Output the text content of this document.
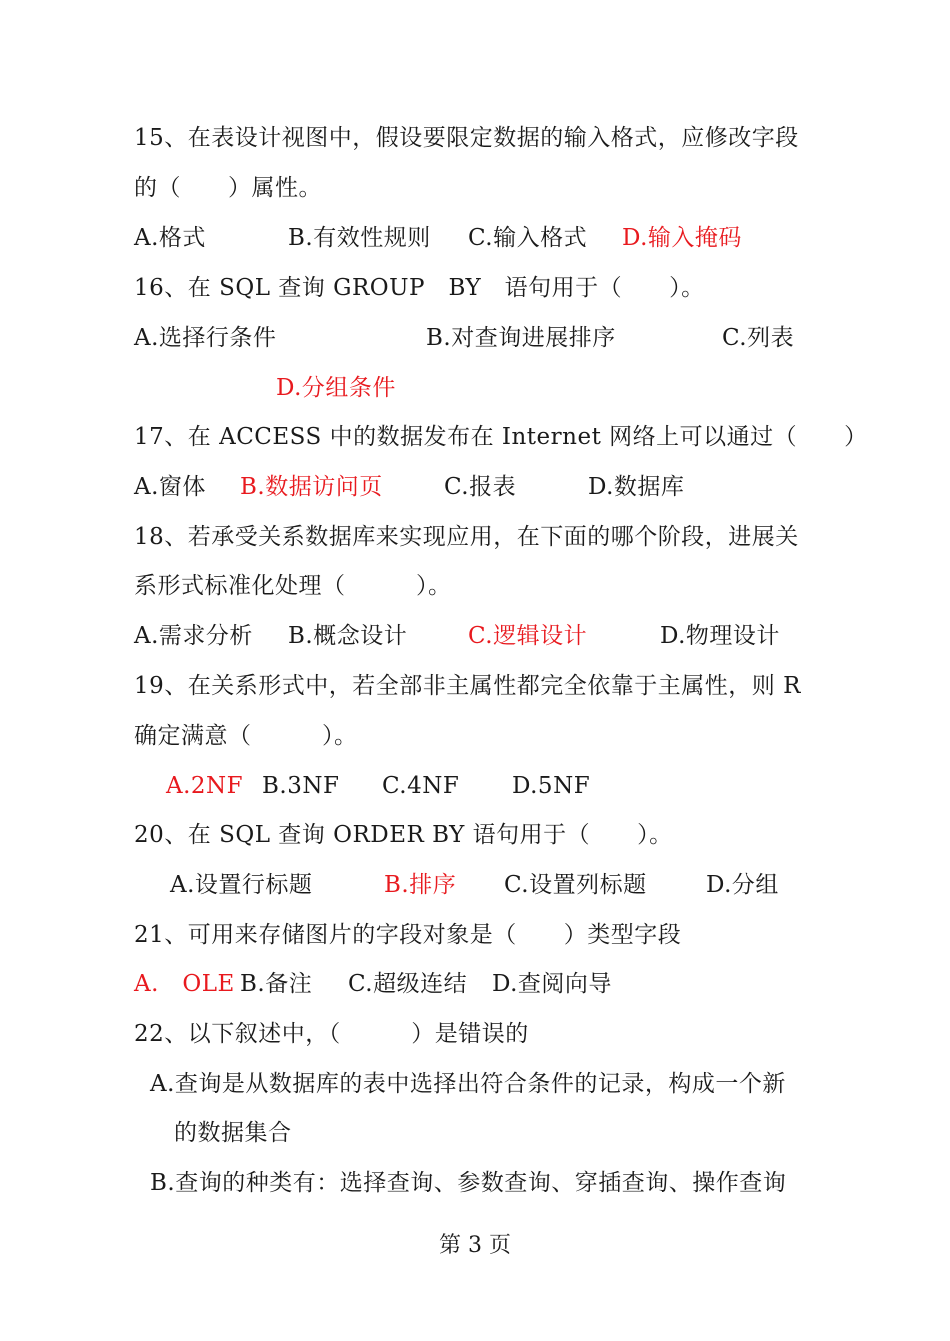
15、在表设计视图中，假设要限定数据的输入格式，应修改字段
的（　　）属性。
A.格式	B.有效性规则 C.输入格式 D.输入掩码
16、在 SQL 查询 GROUP　BY　语句用于（　　）。
A.选择行条件	B.对查询进展排序	C.列表
D.分组条件
17、在 ACCESS 中的数据发布在 Internet 网络上可以通过（　　）
A.窗体 B.数据访问页	C.报表	D.数据库
18、若承受关系数据库来实现应用，在下面的哪个阶段，进展关
系形式标准化处理（　　　）。
A.需求分析 B.概念设计	C.逻辑设计	D.物理设计
19、在关系形式中，若全部非主属性都完全依靠于主属性，则 R
确定满意（　　　）。
A.2NF B.3NF C.4NF D.5NF
20、在 SQL 查询 ORDER BY 语句用于（　　）。
A.设置行标题	B.排序 C.设置列标题	D.分组
21、可用来存储图片的字段对象是（　　）类型字段
A.　OLE B.备注 C.超级连结 D.查阅向导
22、以下叙述中，（　　　）是错误的
A.查询是从数据库的表中选择出符合条件的记录，构成一个新
的数据集合
B.查询的种类有：选择查询、参数查询、穿插查询、操作查询
第 3 页
